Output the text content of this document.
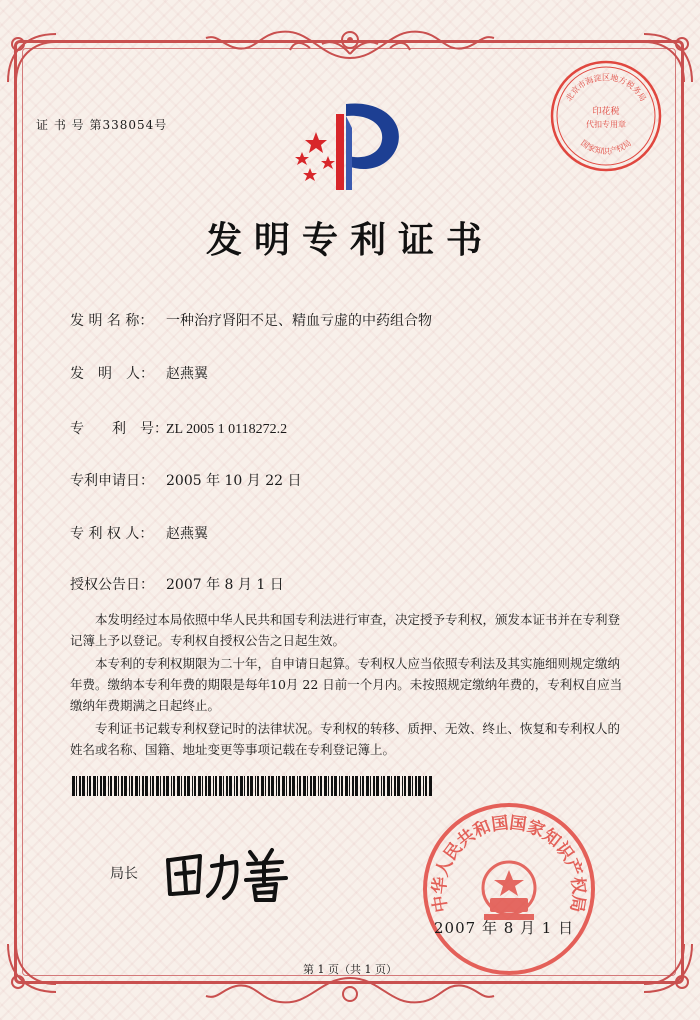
证 书 号 第338054号
发明专利证书
发 明 名 称： 一种治疗肾阳不足、精血亏虚的中药组合物
发　明　人： 赵燕翼
专　　利　号：ZL 2005 1 0118272.2
专利申请日： 2005 年 10 月 22 日
专 利 权 人： 赵燕翼
授权公告日： 2007 年 8 月 1 日

本发明经过本局依照中华人民共和国专利法进行审查，决定授予专利权，颁发本证书并在专利登记簿上予以登记。专利权自授权公告之日起生效。

本专利的专利权期限为二十年，自申请日起算。专利权人应当依照专利法及其实施细则规定缴纳年费。缴纳本专利年费的期限是每年10月 22 日前一个月内。未按照规定缴纳年费的，专利权自应当缴纳年费期满之日起终止。

专利证书记载专利权登记时的法律状况。专利权的转移、质押、无效、终止、恢复和专利权人的姓名或名称、国籍、地址变更等事项记载在专利登记簿上。

局长
中华人民共和国国家知识产权局
2007 年 8 月 1 日
北京市海淀区地方税务局
国家知识产权局
印花税
代扣专用章
第 1 页（共 1 页）
